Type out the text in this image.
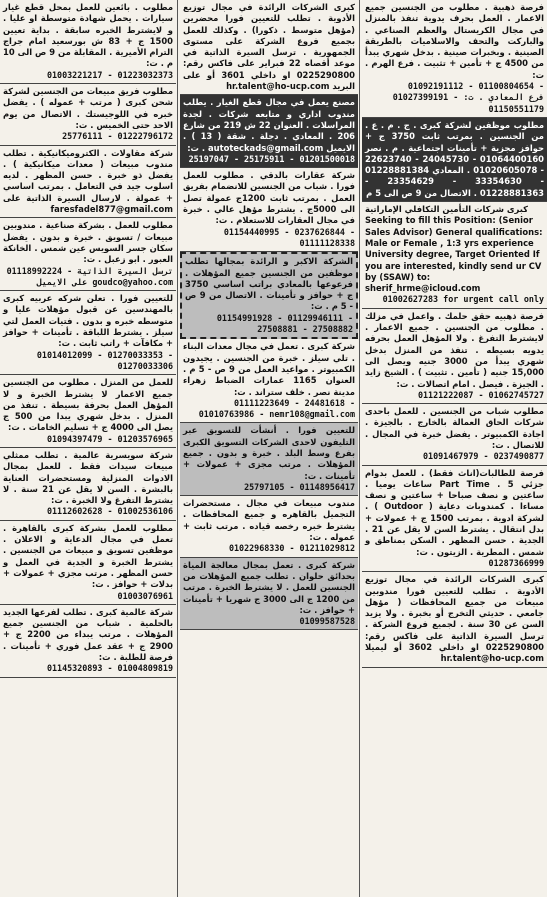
مطلوب . بائعين للعمل بمحل قطع غيار سيارات . يحمل شهادة متوسطة او عليا . و لايشترط الخبره سابقة . بداية تعيين 1500 ج + 83 ش بورسعيد امام جراج الترام الأميرية . المقابلة من 9 ص الى 10 م . ت:

01003221217 - 01223032373

مطلوب فريق مبيعات من الجنسين لشركة شحن كبرى ( مرتب + عموله ) . يفضل خبره في اللوجيستك . الاتصال من يوم الاحد حتى الخميس . ت:

25776111 - 01222796172

شركة مقاولات . الكتروميكانيكية . تطلب مندوب مبيعات ( معدات ميكانيكية ) . يفضل ذو خبرة . حسن المظهر . لديه اسلوب جيد في التعامل . بمرتب اساسي + عمولة . لارسال السيرة الذاتية على faresfadel877@gmail.com

مطلوب للعمل . بشركة صناعية . مندوبين مبيعات / تسويق . خبرة و بدون . يفضل سكان جسر السويس عين شمس . الخانكة العبور . ابو زعبل . ت:

01118992224 - ترسل السيرة الذاتية على الايميل goudco@yahoo.com

للتعيين فورا . تعلن شركه عربيه كبرى بالمهندسين عن قبول مؤهلات عليا و متوسطه خبره و بدون . فتيات العمل لتي سيلز . يشترط اللباقة . تأمينات + حوافز + مكافآت + راتب ثابت . ت:

01014012099 - 01270033353 - 01270033306

للعمل من المنزل . مطلوب من الجنسين جميع الاعمار لا يشترط الخبرة و لا المؤهل العمل بحرفة بسيطة . تنفذ من المنزل . بدخل شهري يبدا من 500 ج يصل الى 4000 ج + تسليم الخامات . ت:

01094397479 - 01203576965

شركة سويسرية عالمية . تطلب ممثلي مبيعات سيدات فقط . للعمل بمجال الادوات المنزلية ومستحضرات العناية بالبشرة . السن لا يقل عن 21 سنة . لا يشترط التفرغ ولا الخبرة . ت:

01112602628 - 01002536106

مطلوب للعمل بشركة كبرى بالقاهرة . تعمل في مجال الدعاية و الاعلان . موظفين تسويق و مبيعات من الجنسين . يشترط الخبرة و الجدية في العمل و حسن المظهر . مرتب مجزي + عمولات + بدلات + حوافز . ت:

01003076961

شركة عالمية كبرى . تطلب لفرعها الجديد بالحلمية . شباب من الجنسين جميع المؤهلات . مرتب يبداء من 2200 ج + 2900 ج + عقد عمل فوري + تأمينات . فرصة للطلبة . ت:

01145320893 - 01004809819

كبرى الشركات الرائدة في مجال توزيع الأدوية . تطلب للتعيين فورا محضرين (مؤهل متوسط . ذكورا) . وكذلك للعمل بجميع فروع الشركة على مستوى الجمهورية . ترسل السيرة الذاتية في موعد أقصاه 22 فبراير على فاكس رقم: 0225290800 او داخلي 3601 أو على البريد hr.talent@ho-ucp.com

مصنع يعمل في مجال قطع الغيار . يطلب مندوب اداري و متابعه شركات . لجدة المراسلات . العنوان 22 ش 219 من شارع 206 . المعادي . دجلة . شقة ( 13 ) . الايميل autoteckads@gmail.com . ت:

25197047 - 25175911 - 01201500018

شركة عقارات بالدقي . مطلوب للعمل فورا . شباب من الجنسين للانضمام بفريق العمل . بمرتب ثابت 1200ج عمولة تصل الى 5000ج . يشترط مؤهل عالي . خبرة في مجال العقارات للاستعلام . ت:

01154440995 - 0237626844 - 01111128338

الشركة الاكبر و الرائدة بمجالها تطلب موظفين من الجنسين جميع المؤهلات . فرعوعها بالمعادي براتب اساسي 3750 ج + حوافز و تأمينات . الاتصال من 9 ص - 5 م . ت:

01154991928 - 01129946111 - 27508881 - 27508882

شركة كبرى . تعمل في مجال معدات البناء . تلي سيلز . خبرة من الجنسين . يجيدون الكمبيوتر . مواعيد العمل من 9 ص - 5 م . العنوان 1165 عمارات الضباط زهراء مدينة نصر . خلف ستراند . ت:

01111223649 - 24481618 - 01010763986 - nemr108@gmail.com

للتعيين فورا . أنشأت للتسويق عبر التليفون لاحدى الشركات التسويق الكبرى بفرع وسط البلد . خبرة و بدون . جميع المؤهلات . مرتب مجزى + عمولات + تأمينات . ت:

25797105 - 01148956417

مندوب مبيعات في مجال . مستحضرات التجميل بالقاهره و جميع المحافظات . يشترط خبره رخصه قياده . مرتب ثابت + عموله . ت:

01022968330 - 01211029812

شركة كبرى . تعمل بمجال معالجة المياة بحدائق حلوان . تطلب جميع المؤهلات من الجنسين للعمل . لا يشترط الخبرة . مرتب من 1200 ج الى 3000 ج شهريا + تأمينات + حوافز . ت:

01099587528

فرصة ذهبية . مطلوب من الجنسين جميع الاعمار . العمل بحرف يدوية تنفذ بالمنزل في مجال الكريستال والعظم الصناعي . والباركت والتحف والاسلاميات بالطريقة الصينية . وبخبرات صينية . بدخل شهري يبدأ من 4500 ج + تأمين + تثبيت . فرع الهرم . ت:

01092191112 - 01100804654 - 01027399191 - فرع المعادي . ت: 01150551179

مطلوب موظفين لشركة كبرى . ج . م . ع . من الجنسين . بمرتب ثابت 3750 ج + حوافز مجزية + تأمينات اجتماعية . م . نصر 01064400160 - 24045730 - 22623740 - 01020605078 . المعادي 01228881384 - 33354630 - 23354629 - 01228881363 . الاتصال من 9 ص الى 5 م

كبرى شركات التأمين التكافلي الإماراتية Seeking to fill this Position: (Senior Sales Advisor) General qualifications: Male or Female , 1:3 yrs experience University degree, Target Oriented If you are interested, kindly send ur CV by (SSAW) to: sherif_hrme@icloud.com

01002627283 for urgent call only

فرصة ذهبيه حقق حلمك . واعمل في مزلك . مطلوب من الجنسين . جميع الاعمار . لايشترط التفرغ . ولا المؤهل العمل بحرفه يدويه بسيطه . تنفذ من المنزل بدخل شهري يبدأ من 3000 جنيه ويصل الى 15,000 جنيه ( تأمين . تثبيت ) . الشيخ زايد . الجيزة . فيصل . امام اتصالات . ت:

01121222087 - 01062745727

مطلوب شباب من الجنسين . للعمل باحدى شركات الحاق العمالة بالخارج . بالجيزة . اجادة الكمبيوتر . يفضل خبرة في المجال . للاتصال . ت:

01091467979 - 0237490877

فرصة للطالبات(اناث فقط) . للعمل بدوام جزئي Part Time . 5 ساعات يوميا . ساعتين و نصف صباحا + ساعتين و نصف مساءا . كمندوبات دعاية ( Outdoor ) . لشركة ادوية . بمرتب 1500 ج + عمولات + بدل انتقال . يشترط السن لا يقل عن 21 . الجدية . حسن المظهر . السكن بمناطق و شمس . المطرية . الزيتون . ت:

01287366999

كبرى الشركات الرائدة في مجال توزيع الأدوية . تطلب للتعيين فورا مندوبين مبيعات من جميع المحافظات ( مؤهل جامعي . حديثي التخرج أو بخبرة . ولا يزيد السن عن 30 سنة . لجميع فروع الشركة . ترسل السيرة الذاتية على فاكس رقم: 0225290800 او داخلي 3602 أو ليميلا hr.talent@ho-ucp.com
